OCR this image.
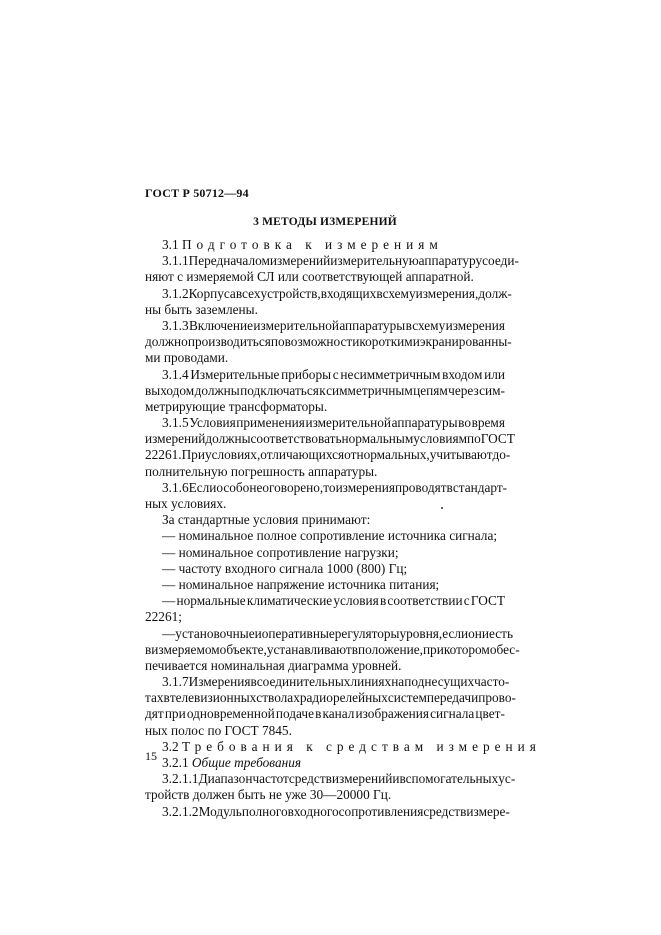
ГОСТ Р 50712—94
3 МЕТОДЫ ИЗМЕРЕНИЙ
3.1 Подготовка к измерениям
3.1.1 Перед началом измерений измерительную аппаратуру соеди-
няют с измеряемой СЛ или соответствующей аппаратной.
3.1.2 Корпуса всех устройств, входящих в схему измерения, долж-
ны быть заземлены.
3.1.3 Включение измерительной аппаратуры в схему измерения
должно производиться по возможности короткими экранированны-
ми проводами.
3.1.4 Измерительные приборы с несимметричным входом или
выходом должны подключаться к симметричным цепям через сим-
метрирующие трансформаторы.
3.1.5 Условия применения измерительной аппаратуры во время
измерений должны соответствовать нормальным условиям по ГОСТ
22261. При условиях, отличающихся от нормальных, учитывают до-
полнительную погрешность аппаратуры.
3.1.6 Если особо не оговорено, то измерения проводят в стандарт-
ных условиях.
За стандартные условия принимают:
— номинальное полное сопротивление источника сигнала;
— номинальное сопротивление нагрузки;
— частоту входного сигнала 1000 (800) Гц;
— номинальное напряжение источника питания;
— нормальные климатические условия в соответствии с ГОСТ
22261;
— установочные и оперативные регуляторы уровня, если они есть
в измеряемом объекте, устанавливают в положение, при котором обес-
печивается номинальная диаграмма уровней.
3.1.7 Измерения в соединительных линиях на поднесущих часто-
тах в телевизионных стволах радиорелейных систем передачи прово-
дят при одновременной подаче в канал изображения сигнала цвет-
ных полос по ГОСТ 7845.
3.2 Требования к средствам измерения
3.2.1 Общие требования
3.2.1.1 Диапазон частот средств измерений и вспомогательных ус-
тройств должен быть не уже 30—20000 Гц.
3.2.1.2 Модуль полного входного сопротивления средств измере-
15
